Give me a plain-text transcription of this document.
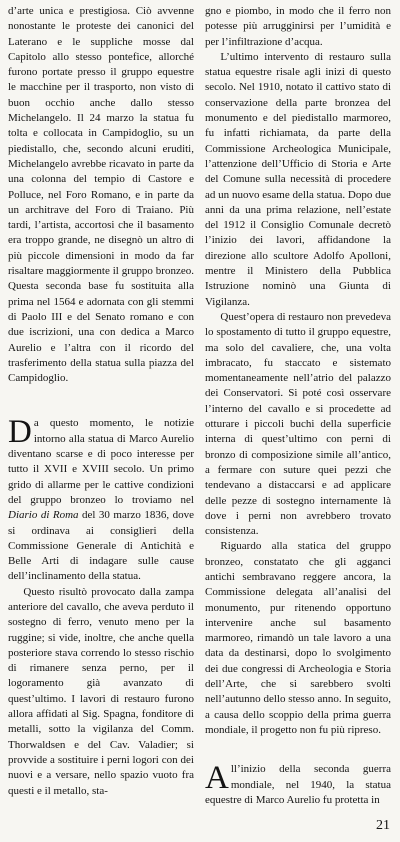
d’arte unica e prestigiosa. Ciò avvenne nonostante le proteste dei canonici del Laterano e le suppliche mosse dal Capitolo allo stesso pontefice, allorché furono portate presso il gruppo equestre le macchine per il trasporto, non visto di buon occhio anche dallo stesso Michelangelo. Il 24 marzo la statua fu tolta e collocata in Campidoglio, su un piedistallo, che, secondo alcuni eruditi, Michelangelo avrebbe ricavato in parte da una colonna del tempio di Castore e Polluce, nel Foro Romano, e in parte da un architrave del Foro di Traiano. Più tardi, l’artista, accortosi che il basamento era troppo grande, ne disegnò un altro di più piccole dimensioni in modo da far risaltare maggiormente il gruppo bronzeo. Questa seconda base fu sostituita alla prima nel 1564 e adornata con gli stemmi di Paolo III e del Senato romano e con due iscrizioni, una con dedica a Marco Aurelio e l’altra con il ricordo del trasferimento della statua sulla piazza del Campidoglio.

Da questo momento, le notizie intorno alla statua di Marco Aurelio diventano scarse e di poco interesse per tutto il XVII e XVIII secolo. Un primo grido di allarme per le cattive condizioni del gruppo bronzeo lo troviamo nel Diario di Roma del 30 marzo 1836, dove si ordinava ai consiglieri della Commissione Generale di Antichità e Belle Arti di indagare sulle cause dell’inclinamento della statua.

Questo risultò provocato dalla zampa anteriore del cavallo, che aveva perduto il sostegno di ferro, venuto meno per la ruggine; si vide, inoltre, che anche quella posteriore stava correndo lo stesso rischio di rimanere senza perno, per il logoramento già avanzato di quest’ultimo. I lavori di restauro furono allora affidati al Sig. Spagna, fonditore di metalli, sotto la vigilanza del Comm. Thorwaldsen e del Cav. Valadier; si provvide a sostituire i perni logori con dei nuovi e a versare, nello spazio vuoto fra questi e il metallo, sta-

gno e piombo, in modo che il ferro non potesse più arrugginirsi per l’umidità e per l’infiltrazione d’acqua.

L’ultimo intervento di restauro sulla statua equestre risale agli inizi di questo secolo. Nel 1910, notato il cattivo stato di conservazione della parte bronzea del monumento e del piedistallo marmoreo, fu infatti richiamata, da parte della Commissione Archeologica Municipale, l’attenzione dell’Ufficio di Storia e Arte del Comune sulla necessità di procedere ad un nuovo esame della statua. Dopo due anni da una prima relazione, nell’estate del 1912 il Consiglio Comunale decretò l’inizio dei lavori, affidandone la direzione allo scultore Adolfo Apolloni, mentre il Ministero della Pubblica Istruzione nominò una Giunta di Vigilanza.

Quest’opera di restauro non prevedeva lo spostamento di tutto il gruppo equestre, ma solo del cavaliere, che, una volta imbracato, fu staccato e sistemato momentaneamente nell’atrio del palazzo dei Conservatori. Si poté così osservare l’interno del cavallo e si procedette ad otturare i piccoli buchi della superficie interna di quest’ultimo con perni di bronzo di composizione simile all’antico, a fermare con suture quei pezzi che tendevano a distaccarsi e ad applicare delle pezze di sostegno internamente là dove i perni non avrebbero trovato consistenza.

Riguardo alla statica del gruppo bronzeo, constatato che gli agganci antichi sembravano reggere ancora, la Commissione delegata all’analisi del monumento, pur ritenendo opportuno intervenire anche sul basamento marmoreo, rimandò un tale lavoro a una data da destinarsi, dopo lo svolgimento dei due congressi di Archeologia e Storia dell’Arte, che si sarebbero svolti nell’autunno dello stesso anno. In seguito, a causa dello scoppio della prima guerra mondiale, il progetto non fu più ripreso.

All’inizio della seconda guerra mondiale, nel 1940, la statua equestre di Marco Aurelio fu protetta in

21
